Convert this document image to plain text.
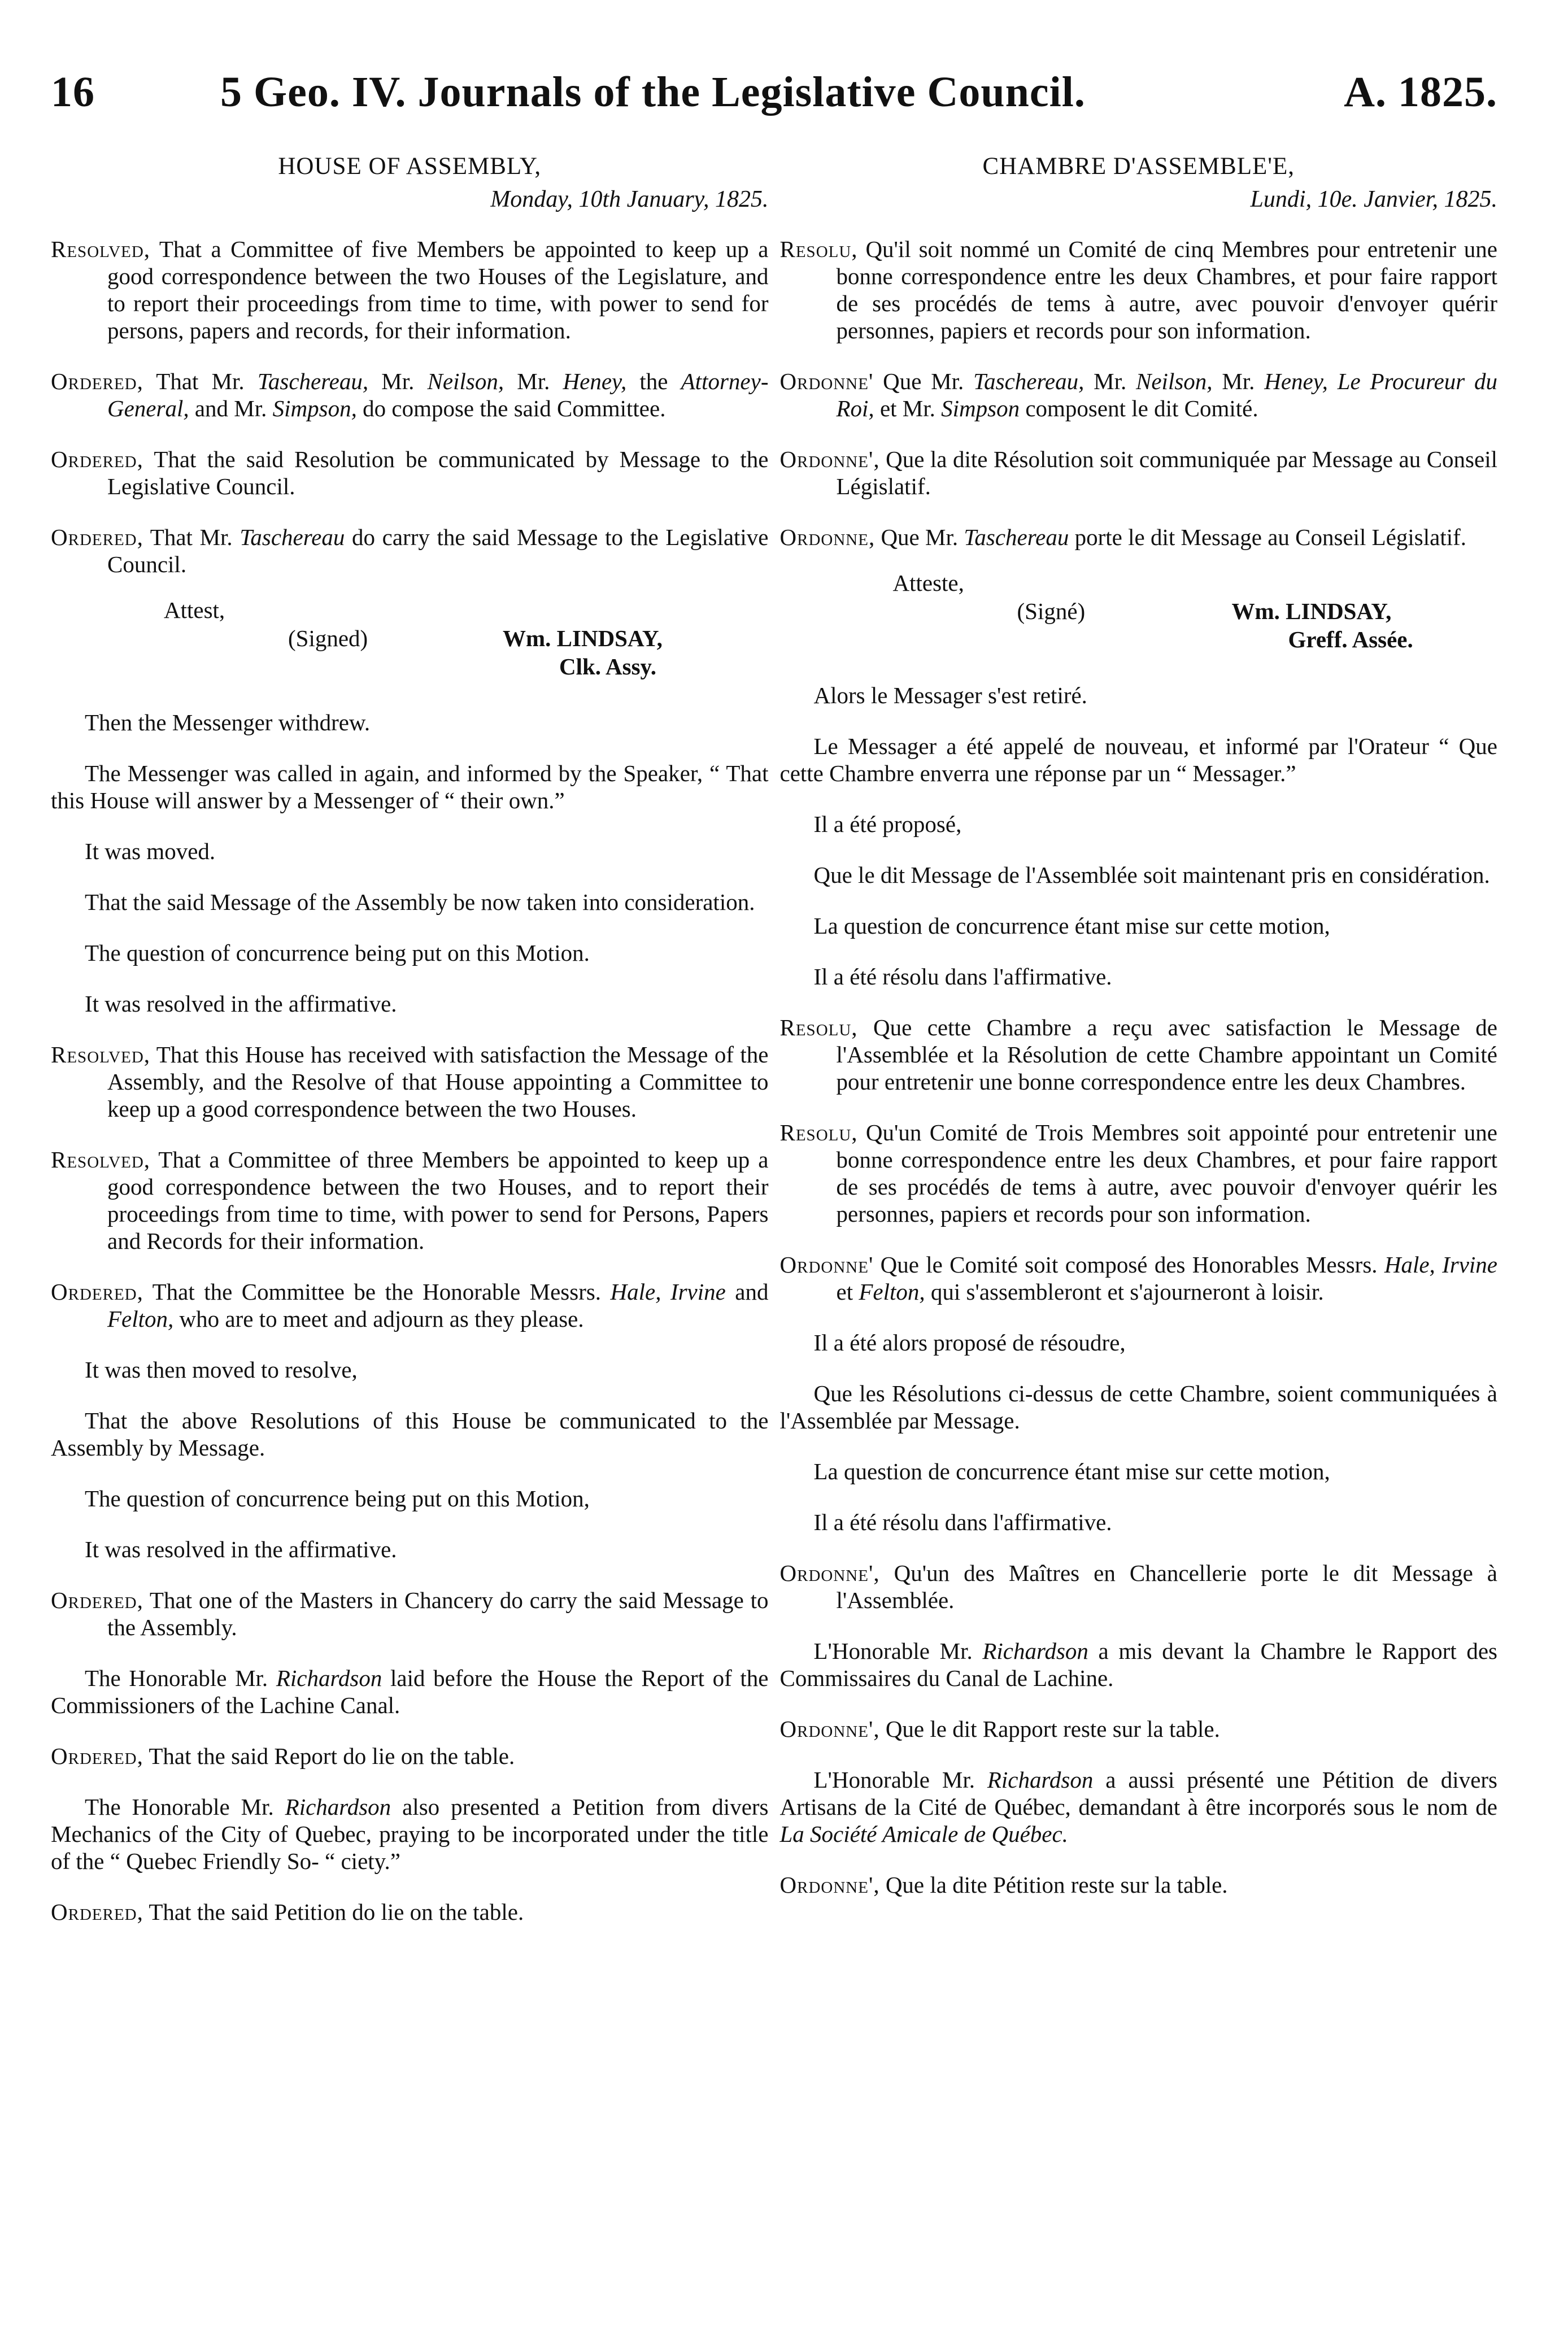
16	5 Geo. IV. Journals of the Legislative Council.	A. 1825.
HOUSE OF ASSEMBLY,
Monday, 10th January, 1825.

Resolved, That a Committee of five Members be appointed to keep up a good correspondence between the two Houses of the Legislature, and to report their proceedings from time to time, with power to send for persons, papers and records, for their information.

Ordered, That Mr. Taschereau, Mr. Neilson, Mr. Heney, the Attorney-General, and Mr. Simpson, do compose the said Committee.

Ordered, That the said Resolution be communicated by Message to the Legislative Council.

Ordered, That Mr. Taschereau do carry the said Message to the Legislative Council.

Attest,
(Signed)	Wm. LINDSAY,
Clk. Assy.

Then the Messenger withdrew.

The Messenger was called in again, and informed by the Speaker, “ That this House will answer by a Messenger of “ their own.”

It was moved.

That the said Message of the Assembly be now taken into consideration.

The question of concurrence being put on this Motion.

It was resolved in the affirmative.

Resolved, That this House has received with satisfaction the Message of the Assembly, and the Resolve of that House appointing a Committee to keep up a good correspondence between the two Houses.

Resolved, That a Committee of three Members be appointed to keep up a good correspondence between the two Houses, and to report their proceedings from time to time, with power to send for Persons, Papers and Records for their information.

Ordered, That the Committee be the Honorable Messrs. Hale, Irvine and Felton, who are to meet and adjourn as they please.

It was then moved to resolve,

That the above Resolutions of this House be communicated to the Assembly by Message.

The question of concurrence being put on this Motion,

It was resolved in the affirmative.

Ordered, That one of the Masters in Chancery do carry the said Message to the Assembly.

The Honorable Mr. Richardson laid before the House the Report of the Commissioners of the Lachine Canal.

Ordered, That the said Report do lie on the table.

The Honorable Mr. Richardson also presented a Petition from divers Mechanics of the City of Quebec, praying to be incorporated under the title of the “ Quebec Friendly So- “ ciety.”

Ordered, That the said Petition do lie on the table.

CHAMBRE D'ASSEMBLE'E,
Lundi, 10e. Janvier, 1825.

Resolu, Qu'il soit nommé un Comité de cinq Membres pour entretenir une bonne correspondence entre les deux Chambres, et pour faire rapport de ses procédés de tems à autre, avec pouvoir d'envoyer quérir personnes, papiers et records pour son information.

Ordonne' Que Mr. Taschereau, Mr. Neilson, Mr. Heney, Le Procureur du Roi, et Mr. Simpson composent le dit Comité.

Ordonne', Que la dite Résolution soit communiquée par Message au Conseil Législatif.

Ordonne, Que Mr. Taschereau porte le dit Message au Conseil Législatif.

Atteste,
(Signé)	Wm. LINDSAY,
Greff. Assée.

Alors le Messager s'est retiré.

Le Messager a été appelé de nouveau, et informé par l'Orateur “ Que cette Chambre enverra une réponse par un “ Messager.”

Il a été proposé,

Que le dit Message de l'Assemblée soit maintenant pris en considération.

La question de concurrence étant mise sur cette motion,

Il a été résolu dans l'affirmative.

Resolu, Que cette Chambre a reçu avec satisfaction le Message de l'Assemblée et la Résolution de cette Chambre appointant un Comité pour entretenir une bonne correspondence entre les deux Chambres.

Resolu, Qu'un Comité de Trois Membres soit appointé pour entretenir une bonne correspondence entre les deux Chambres, et pour faire rapport de ses procédés de tems à autre, avec pouvoir d'envoyer quérir les personnes, papiers et records pour son information.

Ordonne' Que le Comité soit composé des Honorables Messrs. Hale, Irvine et Felton, qui s'assembleront et s'ajourneront à loisir.

Il a été alors proposé de résoudre,

Que les Résolutions ci-dessus de cette Chambre, soient communiquées à l'Assemblée par Message.

La question de concurrence étant mise sur cette motion,

Il a été résolu dans l'affirmative.

Ordonne', Qu'un des Maîtres en Chancellerie porte le dit Message à l'Assemblée.

L'Honorable Mr. Richardson a mis devant la Chambre le Rapport des Commissaires du Canal de Lachine.

Ordonne', Que le dit Rapport reste sur la table.

L'Honorable Mr. Richardson a aussi présenté une Pétition de divers Artisans de la Cité de Québec, demandant à être incorporés sous le nom de La Société Amicale de Québec.

Ordonne', Que la dite Pétition reste sur la table.
